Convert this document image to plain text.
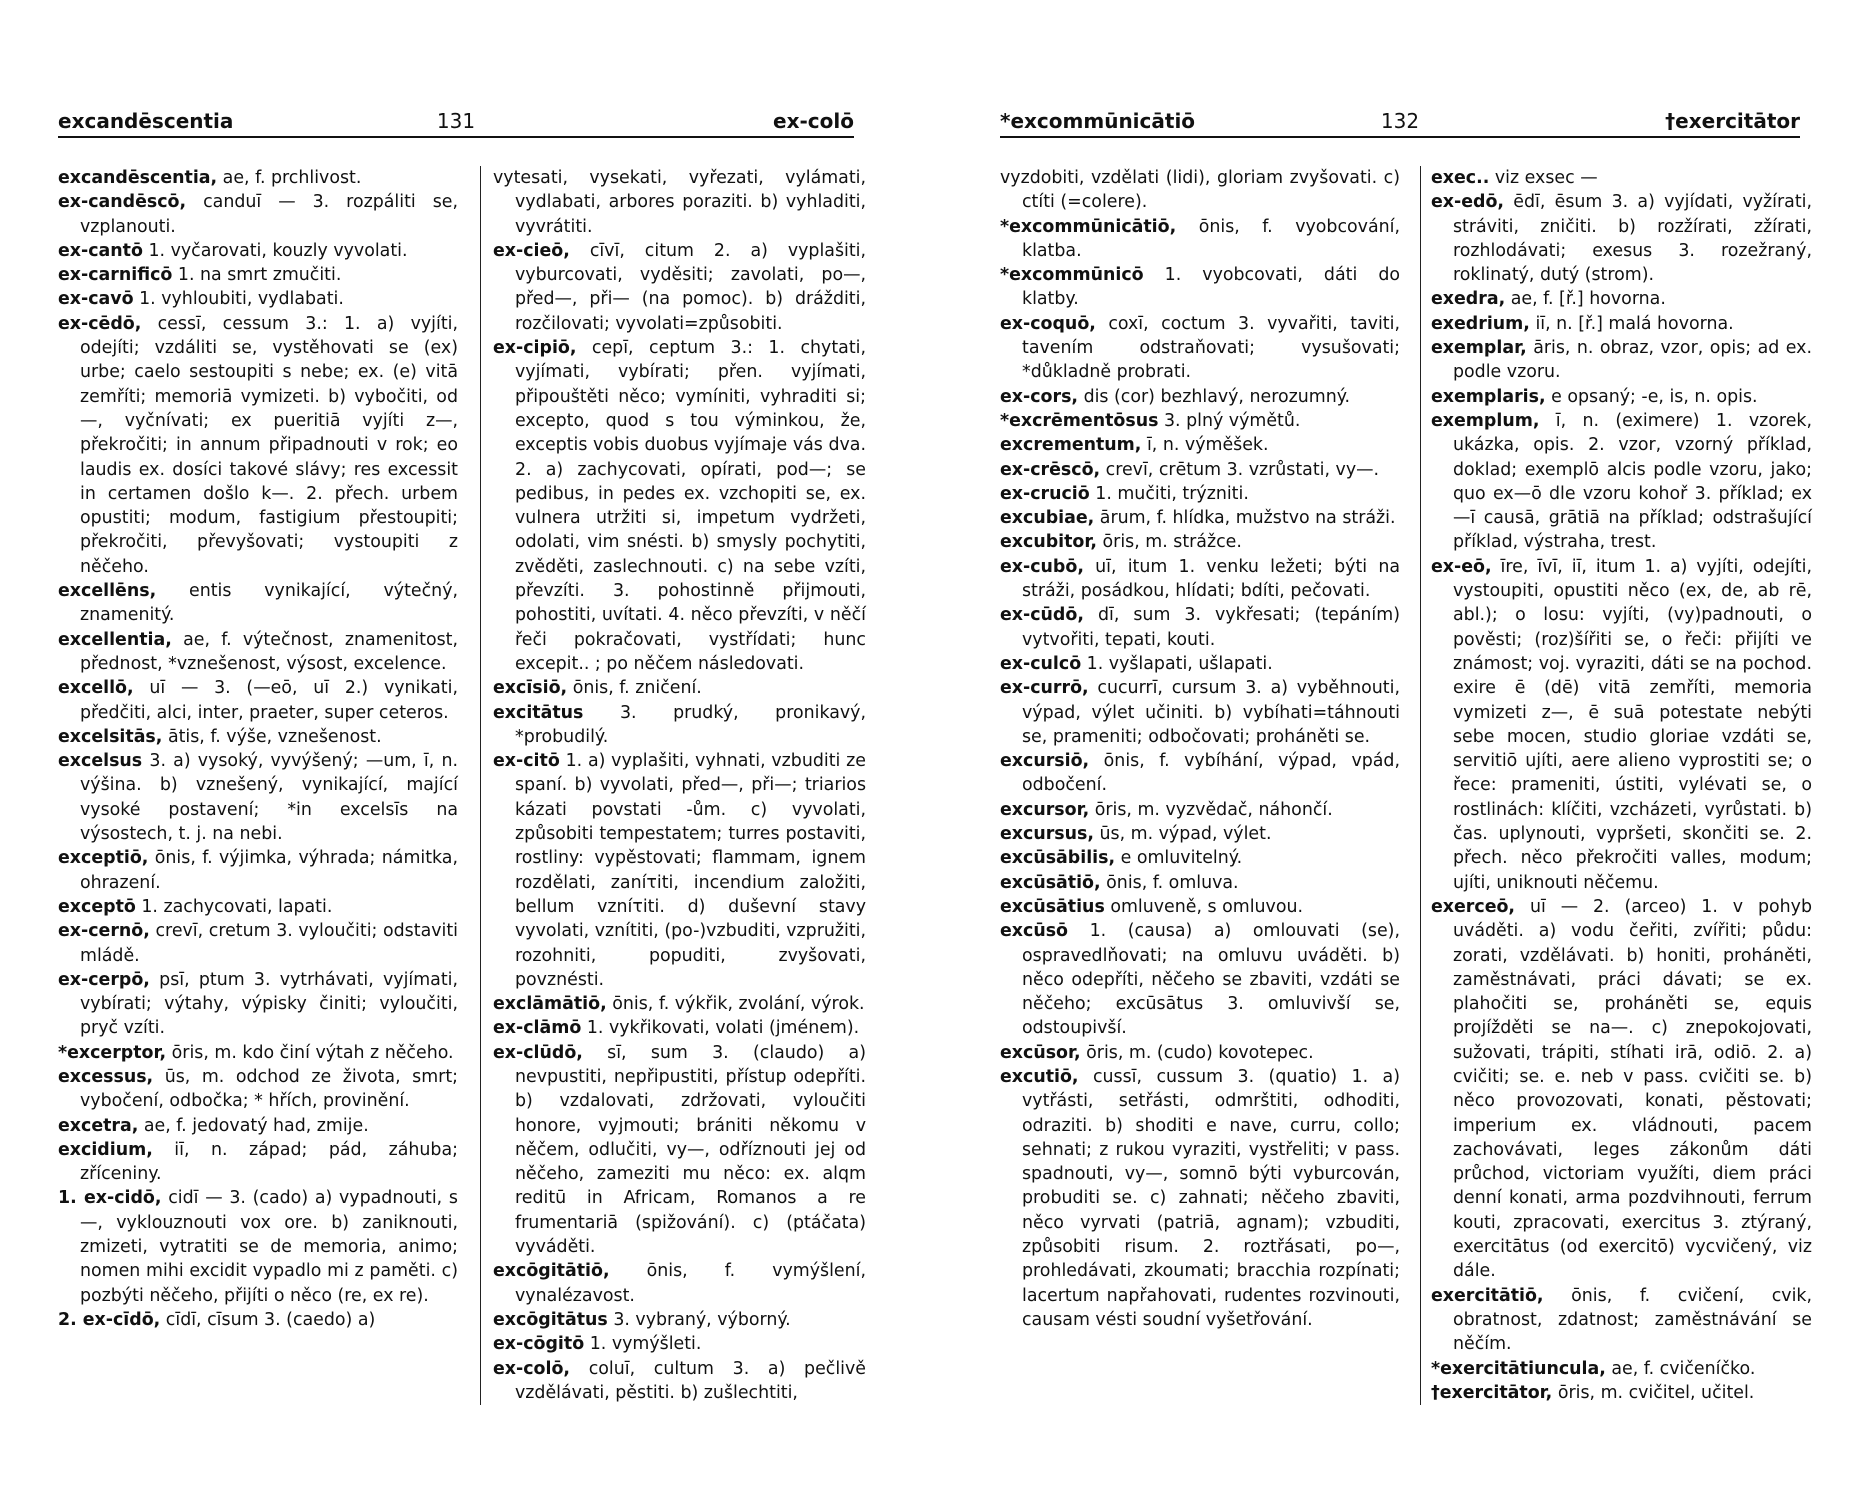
excandēscentia	131	ex-colō

excandēscentia, ae, f. prchlivost.

ex-candēscō, canduī — 3. rozpáliti se, vzplanouti.

ex-cantō 1. vyčarovati, kouzly vyvolati.

ex-carnificō 1. na smrt zmučiti.

ex-cavō 1. vyhloubiti, vydlabati.

ex-cēdō, cessī, cessum 3.: 1. a) vyjíti, odejíti; vzdáliti se, vystěhovati se (ex) urbe; caelo sestoupiti s nebe; ex. (e) vitā zemříti; memoriā vymizeti. b) vybočiti, od—, vyčnívati; ex pueritiā vyjíti z—, překročiti; in annum připadnouti v rok; eo laudis ex. dosíci takové slávy; res excessit in certamen došlo k—. 2. přech. urbem opustiti; modum, fastigium přestoupiti; překročiti, převyšovati; vystoupiti z něčeho.

excellēns, entis vynikající, výtečný, znamenitý.

excellentia, ae, f. výtečnost, znamenitost, přednost, *vznešenost, výsost, excelence.

excellō, uī — 3. (—eō, uī 2.) vynikati, předčiti, alci, inter, praeter, super ceteros.

excelsitās, ātis, f. výše, vznešenost.

excelsus 3. a) vysoký, vyvýšený; —um, ī, n. výšina. b) vznešený, vynikající, mající vysoké postavení; *in excelsīs na výsostech, t. j. na nebi.

exceptiō, ōnis, f. výjimka, výhrada; námitka, ohrazení.

exceptō 1. zachycovati, lapati.

ex-cernō, crevī, cretum 3. vyloučiti; odstaviti mládě.

ex-cerpō, psī, ptum 3. vytrhávati, vyjímati, vybírati; výtahy, výpisky činiti; vyloučiti, pryč vzíti.

*excerptor, ōris, m. kdo činí výtah z něčeho.

excessus, ūs, m. odchod ze života, smrt; vybočení, odbočka; * hřích, provinění.

excetra, ae, f. jedovatý had, zmije.

excidium, iī, n. západ; pád, záhuba; zříceniny.

1. ex-cidō, cidī — 3. (cado) a) vypadnouti, s—, vyklouznouti vox ore. b) zaniknouti, zmizeti, vytratiti se de memoria, animo; nomen mihi excidit vypadlo mi z paměti. c) pozbýti něčeho, přijíti o něco (re, ex re).

2. ex-cīdō, cīdī, cīsum 3. (caedo) a)

vytesati, vysekati, vyřezati, vylámati, vydlabati, arbores poraziti. b) vyhladiti, vyvrátiti.

ex-cieō, cīvī, citum 2. a) vyplašiti, vyburcovati, vyděsiti; zavolati, po—, před—, při— (na pomoc). b) drážditi, rozčilovati; vyvolati=způsobiti.

ex-cipiō, cepī, ceptum 3.: 1. chytati, vyjímati, vybírati; přen. vyjímati, připouštěti něco; vymíniti, vyhraditi si; excepto, quod s tou výminkou, že, exceptis vobis duobus vyjímaje vás dva. 2. a) zachycovati, opírati, pod—; se pedibus, in pedes ex. vzchopiti se, ex. vulnera utržiti si, impetum vydržeti, odolati, vim snésti. b) smysly pochytiti, zvěděti, zaslechnouti. c) na sebe vzíti, převzíti. 3. pohostinně přijmouti, pohostiti, uvítati. 4. něco převzíti, v něčí řeči pokračovati, vystřídati; hunc excepit.. ; po něčem následovati.

excīsiō, ōnis, f. zničení.

excitātus 3. prudký, pronikavý, *probudilý.

ex-citō 1. a) vyplašiti, vyhnati, vzbuditi ze spaní. b) vyvolati, před—, při—; triarios kázati povstati -ům. c) vyvolati, způsobiti tempestatem; turres postaviti, rostliny: vypěstovati; flammam, ignem rozdělati, zaníτiti, incendium založiti, bellum vzníτiti. d) duševní stavy vyvolati, vznítiti, (po-)vzbuditi, vzpružiti, rozohniti, popuditi, zvyšovati, povznésti.

exclāmātiō, ōnis, f. výkřik, zvolání, výrok.

ex-clāmō 1. vykřikovati, volati (jménem).

ex-clūdō, sī, sum 3. (claudo) a) nevpustiti, nepřipustiti, přístup odepříti. b) vzdalovati, zdržovati, vyloučiti honore, vyjmouti; brániti někomu v něčem, odlučiti, vy—, odříznouti jej od něčeho, zameziti mu něco: ex. alqm reditū in Africam, Romanos a re frumentariā (spižování). c) (ptáčata) vyváděti.

excōgitātiō, ōnis, f. vymýšlení, vynalézavost.

excōgitātus 3. vybraný, výborný.

ex-cōgitō 1. vymýšleti.

ex-colō, coluī, cultum 3. a) pečlivě vzdělávati, pěstiti. b) zušlechtiti,

*excommūnicātiō	132	†exercitātor

vyzdobiti, vzdělati (lidi), gloriam zvyšovati. c) ctíti (=colere).

*excommūnicātiō, ōnis, f. vyobcování, klatba.

*excommūnicō 1. vyobcovati, dáti do klatby.

ex-coquō, coxī, coctum 3. vyvařiti, taviti, tavením odstraňovati; vysušovati; *důkladně probrati.

ex-cors, dis (cor) bezhlavý, nerozumný.

*excrēmentōsus 3. plný výmětů.

excrementum, ī, n. výměšek.

ex-crēscō, crevī, crētum 3. vzrůstati, vy—.

ex-cruciō 1. mučiti, trýzniti.

excubiae, ārum, f. hlídka, mužstvo na stráži.

excubitor, ōris, m. strážce.

ex-cubō, uī, itum 1. venku ležeti; býti na stráži, posádkou, hlídati; bdíti, pečovati.

ex-cūdō, dī, sum 3. vykřesati; (tepáním) vytvořiti, tepati, kouti.

ex-culcō 1. vyšlapati, ušlapati.

ex-currō, cucurrī, cursum 3. a) vyběhnouti, výpad, výlet učiniti. b) vybíhati=táhnouti se, prameniti; odbočovati; proháněti se.

excursiō, ōnis, f. vybíhání, výpad, vpád, odbočení.

excursor, ōris, m. vyzvědač, náhončí.

excursus, ūs, m. výpad, výlet.

excūsābilis, e omluvitelný.

excūsātiō, ōnis, f. omluva.

excūsātius omluveně, s omluvou.

excūsō 1. (causa) a) omlouvati (se), ospravedlňovati; na omluvu uváděti. b) něco odepříti, něčeho se zbaviti, vzdáti se něčeho; excūsātus 3. omluvivší se, odstoupivší.

excūsor, ōris, m. (cudo) kovotepec.

excutiō, cussī, cussum 3. (quatio) 1. a) vytřásti, setřásti, odmrštiti, odhoditi, odraziti. b) shoditi e nave, curru, collo; sehnati; z rukou vyraziti, vystřeliti; v pass. spadnouti, vy—, somnō býti vyburcován, probuditi se. c) zahnati; něčeho zbaviti, něco vyrvati (patriā, agnam); vzbuditi, způsobiti risum. 2. roztřásati, po—, prohledávati, zkoumati; bracchia rozpínati; lacertum napřahovati, rudentes rozvinouti, causam vésti soudní vyšetřování.

exec.. viz exsec —

ex-edō, ēdī, ēsum 3. a) vyjídati, vyžírati, stráviti, zničiti. b) rozžírati, zžírati, rozhlodávati; exesus 3. rozežraný, roklinatý, dutý (strom).

exedra, ae, f. [ř.] hovorna.

exedrium, iī, n. [ř.] malá hovorna.

exemplar, āris, n. obraz, vzor, opis; ad ex. podle vzoru.

exemplaris, e opsaný; -e, is, n. opis.

exemplum, ī, n. (eximere) 1. vzorek, ukázka, opis. 2. vzor, vzorný příklad, doklad; exemplō alcis podle vzoru, jako; quo ex—ō dle vzoru kohoř 3. příklad; ex—ī causā, grātiā na příklad; odstrašující příklad, výstraha, trest.

ex-eō, īre, īvī, iī, itum 1. a) vyjíti, odejíti, vystoupiti, opustiti něco (ex, de, ab rē, abl.); o losu: vyjíti, (vy)padnouti, o pověsti; (roz)šířiti se, o řeči: přijíti ve známost; voj. vyraziti, dáti se na pochod. exire ē (dē) vitā zemříti, memoria vymizeti z—, ē suā potestate nebýti sebe mocen, studio gloriae vzdáti se, servitiō ujíti, aere alieno vyprostiti se; o řece: prameniti, ústiti, vylévati se, o rostlinách: klíčiti, vzcházeti, vyrůstati. b) čas. uplynouti, vypršeti, skončiti se. 2. přech. něco překročiti valles, modum; ujíti, uniknouti něčemu.

exerceō, uī — 2. (arceo) 1. v pohyb uváděti. a) vodu čeřiti, zvířiti; půdu: zorati, vzdělávati. b) honiti, proháněti, zaměstnávati, práci dávati; se ex. plahočiti se, proháněti se, equis projížděti se na—. c) znepokojovati, sužovati, trápiti, stíhati irā, odiō. 2. a) cvičiti; se. e. neb v pass. cvičiti se. b) něco provozovati, konati, pěstovati; imperium ex. vládnouti, pacem zachovávati, leges zákonům dáti průchod, victoriam využíti, diem práci denní konati, arma pozdvihnouti, ferrum kouti, zpracovati, exercitus 3. ztýraný, exercitātus (od exercitō) vycvičený, viz dále.

exercitātiō, ōnis, f. cvičení, cvik, obratnost, zdatnost; zaměstnávání se něčím.

*exercitātiuncula, ae, f. cvičeníčko.

†exercitātor, ōris, m. cvičitel, učitel.
